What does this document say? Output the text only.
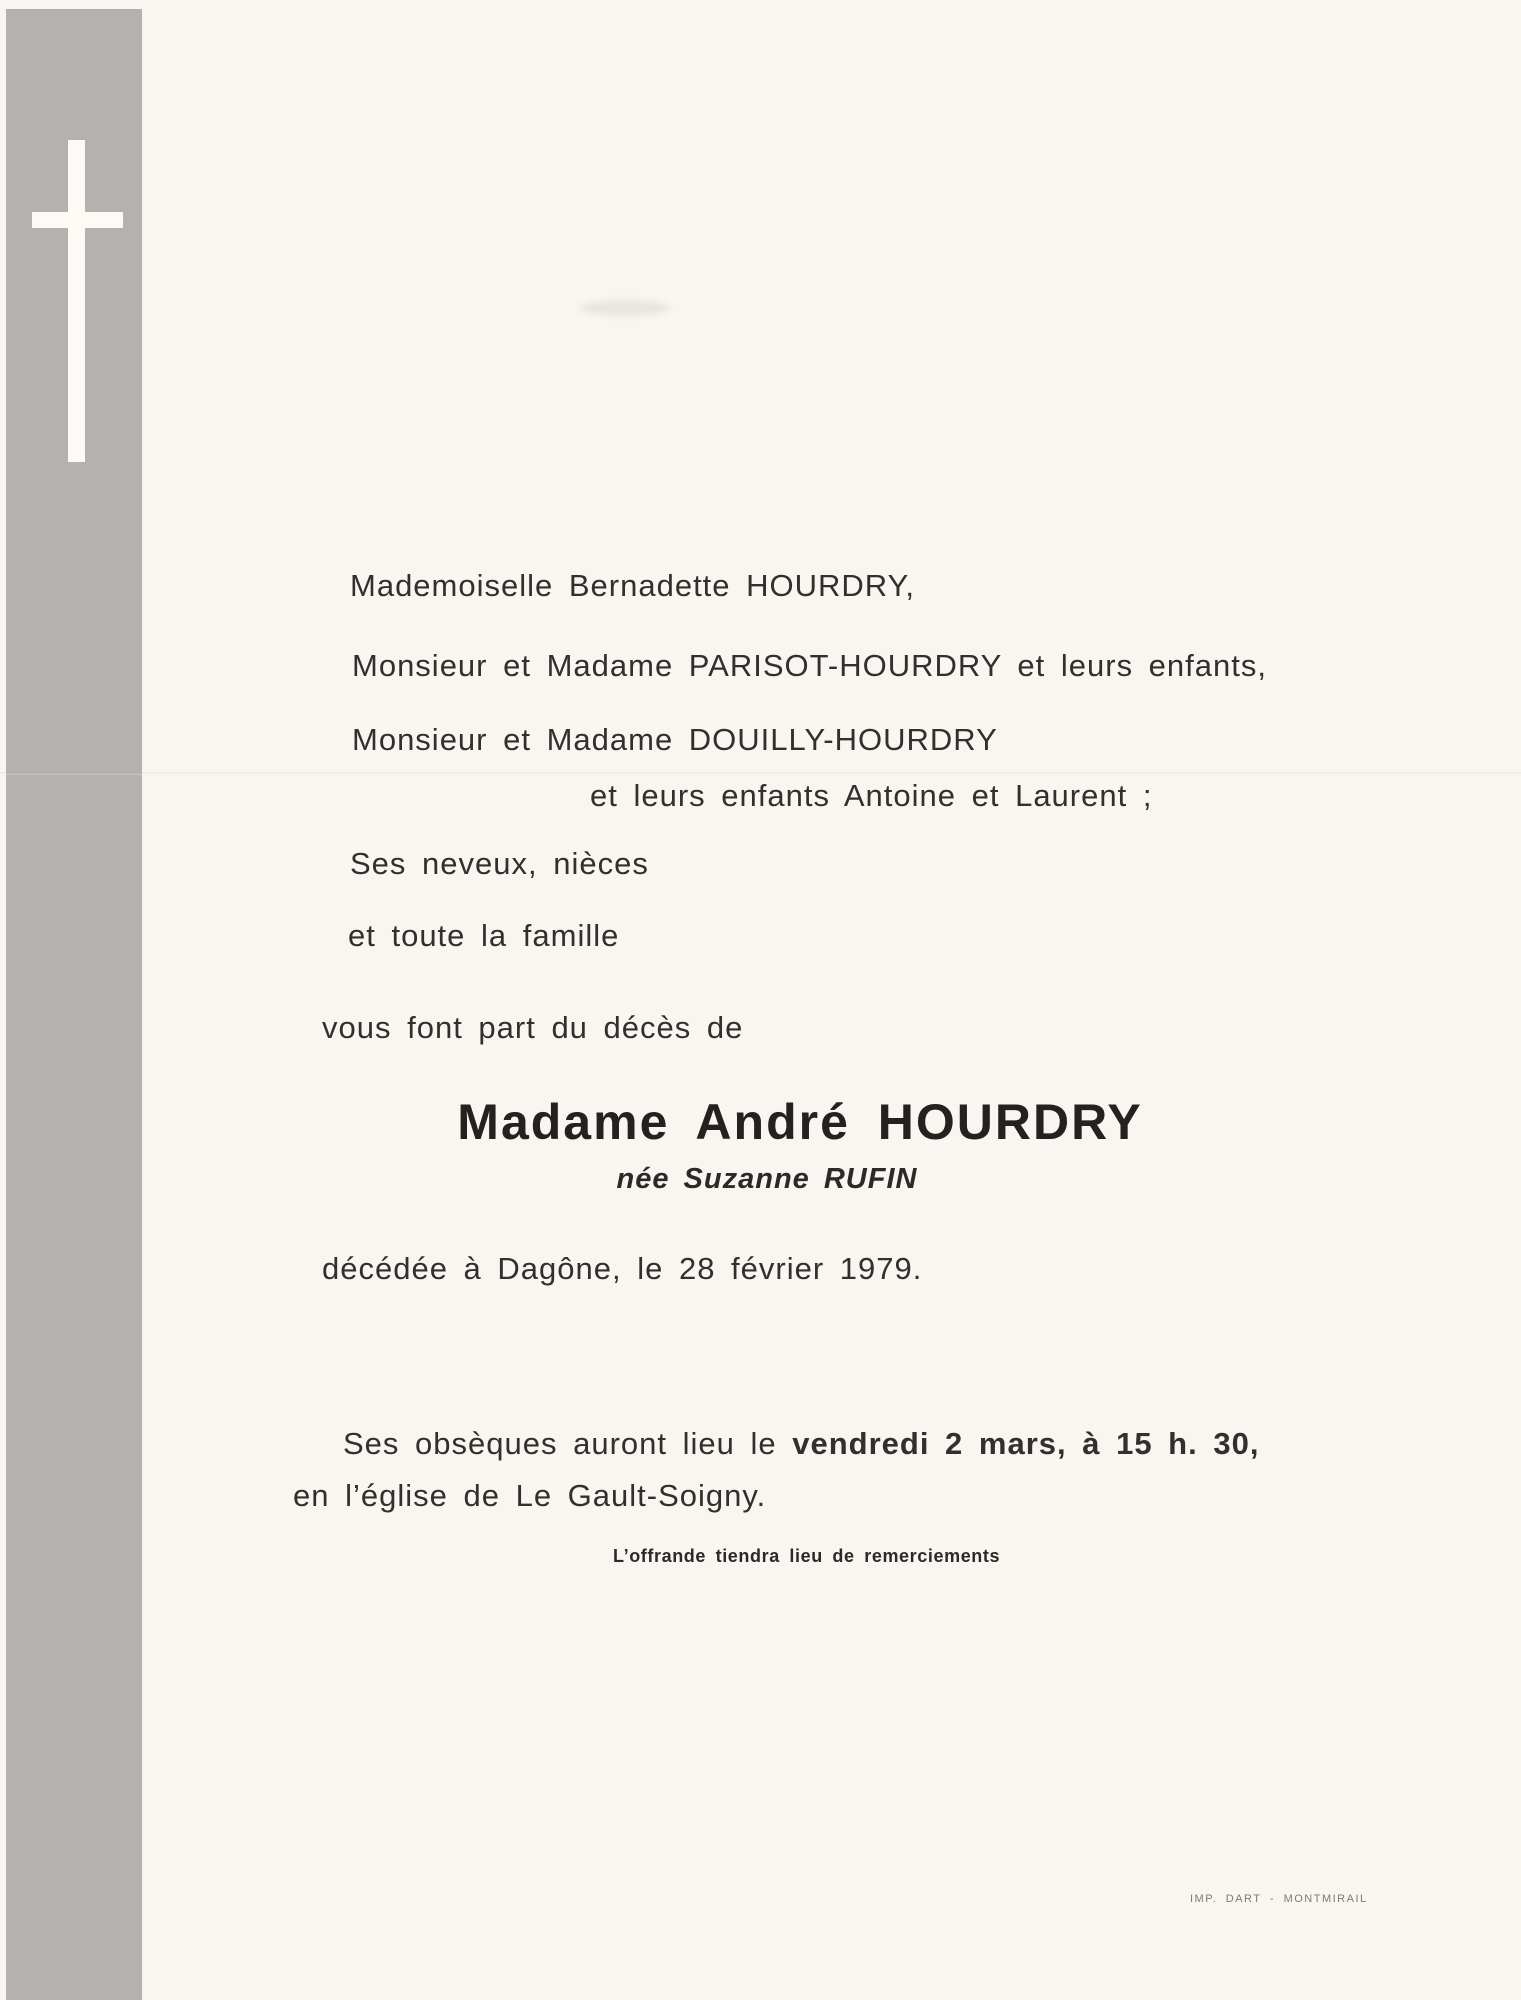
Mademoiselle Bernadette HOURDRY,
Monsieur et Madame PARISOT-HOURDRY et leurs enfants,
Monsieur et Madame DOUILLY-HOURDRY
et leurs enfants Antoine et Laurent ;
Ses neveux, nièces
et toute la famille
vous font part du décès de
Madame André HOURDRY
née Suzanne RUFIN
décédée à Dagône, le 28 février 1979.
Ses obsèques auront lieu le vendredi 2 mars, à 15 h. 30,
en l’église de Le Gault-Soigny.
L’offrande tiendra lieu de remerciements
IMP. DART - MONTMIRAIL
